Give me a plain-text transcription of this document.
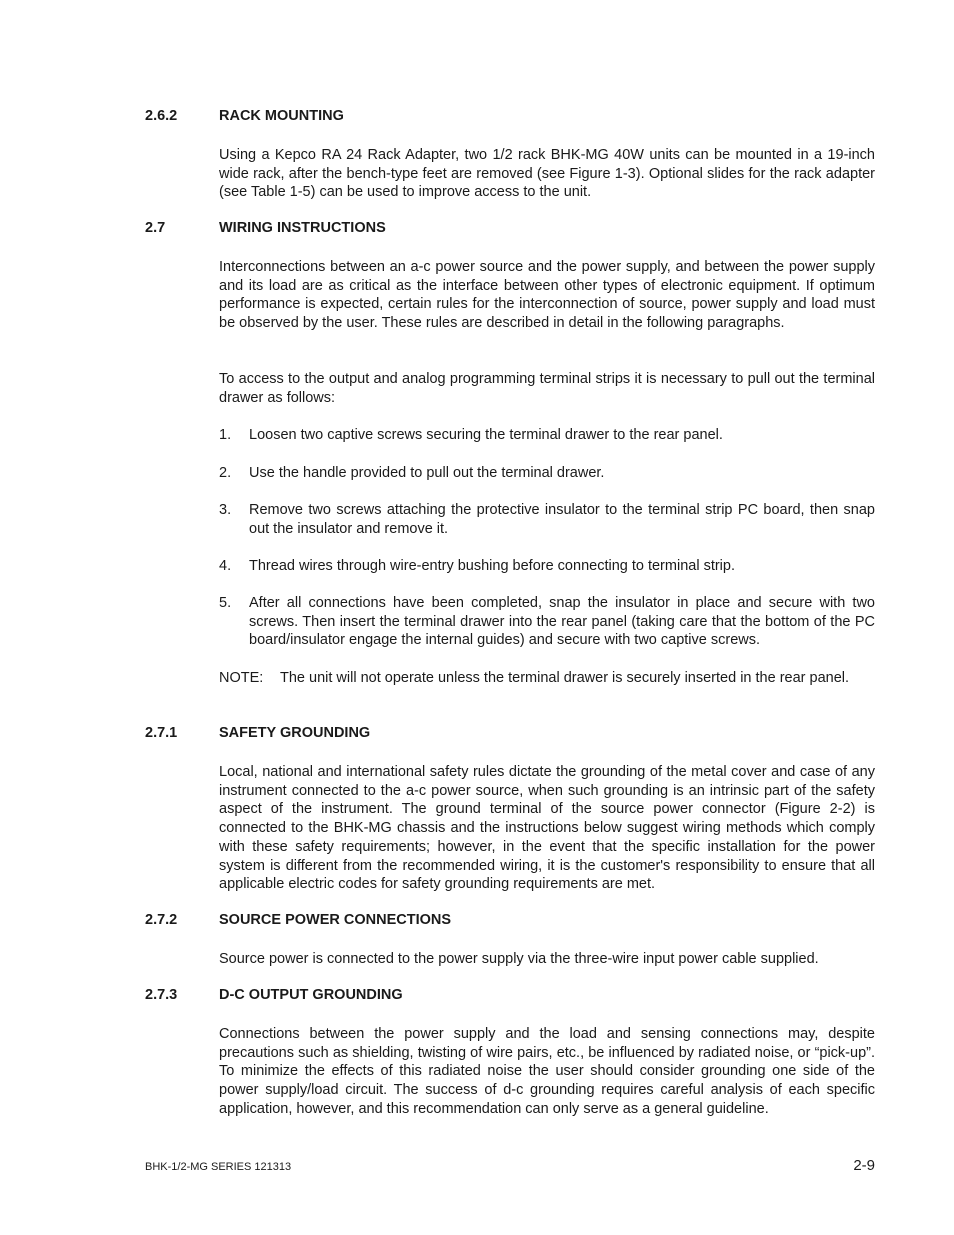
2.6.2	RACK MOUNTING
Using a Kepco RA 24 Rack Adapter, two 1/2 rack BHK-MG 40W units can be mounted in a 19-inch wide rack, after the bench-type feet are removed (see Figure 1-3). Optional slides for the rack adapter (see Table 1-5) can be used to improve access to the unit.
2.7	WIRING INSTRUCTIONS
Interconnections between an a-c power source and the power supply, and between the power supply and its load are as critical as the interface between other types of electronic equipment. If optimum performance is expected, certain rules for the interconnection of source, power supply and load must be observed by the user. These rules are described in detail in the following paragraphs.
To access to the output and analog programming terminal strips it is necessary to pull out the terminal drawer as follows:
1. Loosen two captive screws securing the terminal drawer to the rear panel.
2. Use the handle provided to pull out the terminal drawer.
3. Remove two screws attaching the protective insulator to the terminal strip PC board, then snap out the insulator and remove it.
4. Thread wires through wire-entry bushing before connecting to terminal strip.
5. After all connections have been completed, snap the insulator in place and secure with two screws. Then insert the terminal drawer into the rear panel (taking care that the bottom of the PC board/insulator engage the internal guides) and secure with two captive screws.
NOTE: The unit will not operate unless the terminal drawer is securely inserted in the rear panel.
2.7.1	SAFETY GROUNDING
Local, national and international safety rules dictate the grounding of the metal cover and case of any instrument connected to the a-c power source, when such grounding is an intrinsic part of the safety aspect of the instrument. The ground terminal of the source power connector (Figure 2-2) is connected to the BHK-MG chassis and the instructions below suggest wiring methods which comply with these safety requirements; however, in the event that the specific installation for the power system is different from the recommended wiring, it is the customer's responsibility to ensure that all applicable electric codes for safety grounding requirements are met.
2.7.2	SOURCE POWER CONNECTIONS
Source power is connected to the power supply via the three-wire input power cable supplied.
2.7.3	D-C OUTPUT GROUNDING
Connections between the power supply and the load and sensing connections may, despite precautions such as shielding, twisting of wire pairs, etc., be influenced by radiated noise, or “pick-up”. To minimize the effects of this radiated noise the user should consider grounding one side of the power supply/load circuit. The success of d-c grounding requires careful analysis of each specific application, however, and this recommendation can only serve as a general guideline.
BHK-1/2-MG SERIES 121313	2-9
